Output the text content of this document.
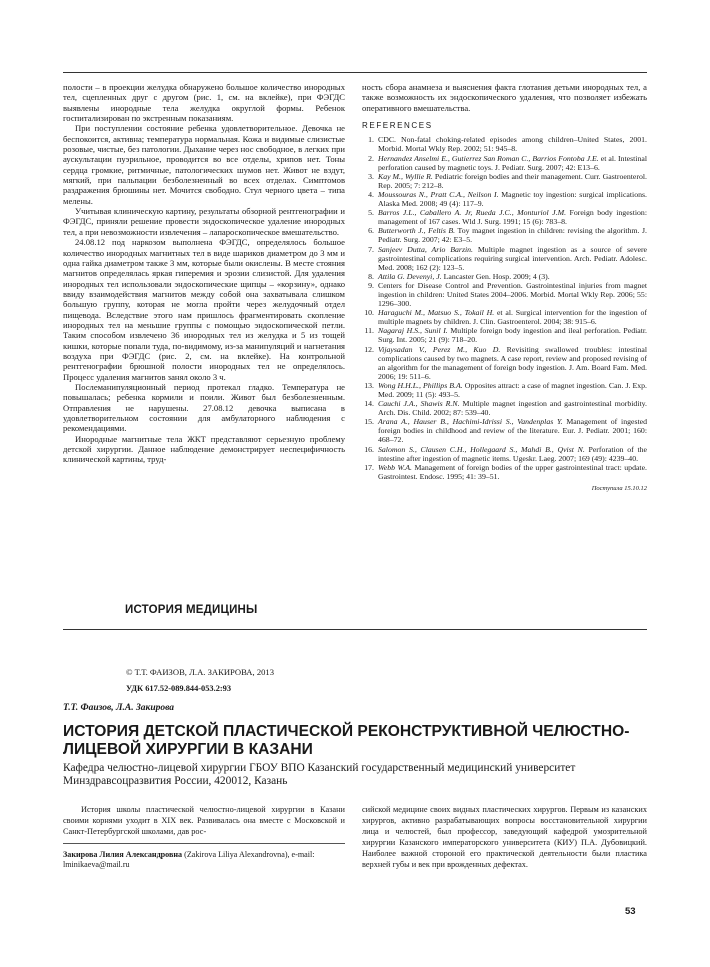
полости – в проекции желудка обнаружено большое количество инородных тел, сцепленных друг с другом (рис. 1, см. на вклейке), при ФЭГДС выявлены инородные тела желудка округлой формы. Ребенок госпитализирован по экстренным показаниям.

При поступлении состояние ребенка удовлетворительное. Девочка не беспокоится, активна; температура нормальная. Кожа и видимые слизистые розовые, чистые, без патологии. Дыхание через нос свободное, в легких при аускультации пуэрильное, проводится во все отделы, хрипов нет. Тоны сердца громкие, ритмичные, патологических шумов нет. Живот не вздут, мягкий, при пальпации безболезненный во всех отделах. Симптомов раздражения брюшины нет. Мочится свободно. Стул черного цвета – типа мелены.

Учитывая клиническую картину, результаты обзорной рентгенографии и ФЭГДС, приняли решение провести эндоскопическое удаление инородных тел, а при невозможности извлечения – лапароскопическое вмешательство.

24.08.12 под наркозом выполнена ФЭГДС, определялось большое количество инородных магнитных тел в виде шариков диаметром до 3 мм и одна гайка диаметром также 3 мм, которые были окислены. В месте стояния магнитов определялась яркая гиперемия и эрозии слизистой. Для удаления инородных тел использовали эндоскопические щипцы – «корзину», однако ввиду взаимодействия магнитов между собой она захватывала слишком большую группу, которая не могла пройти через желудочный отдел пищевода. Вследствие этого нам пришлось фрагментировать скопление инородных тел на меньшие группы с помощью эндоскопической петли. Таким способом извлечено 36 инородных тел из желудка и 5 из тощей кишки, которые попали туда, по-видимому, из-за манипуляций и нагнетания воздуха при ФЭГДС (рис. 2, см. на вклейке). На контрольной рентгенографии брюшной полости инородных тел не определялось. Процесс удаления магнитов занял около 3 ч.

Послеманипуляционный период протекал гладко. Температура не повышалась; ребенка кормили и поили. Живот был безболезненным. Отправления не нарушены. 27.08.12 девочка выписана в удовлетворительном состоянии для амбулаторного наблюдения с рекомендациями.

Инородные магнитные тела ЖКТ представляют серьезную проблему детской хирургии. Данное наблюдение демонстрирует неспецифичность клинической картины, труд-

ность сбора анамнеза и выяснения факта глотания детьми инородных тел, а также возможность их эндоскопического удаления, что позволяет избежать оперативного вмешательства.

REFERENCES
1. CDC. Non-fatal choking-related episodes among children–United States, 2001. Morbid. Mortal Wkly Rep. 2002; 51: 945–8.
2. Hernandez Anselmi E., Gutierrez San Roman C., Barrios Fontoba J.E. et al. Intestinal perforation caused by magnetic toys. J. Pediatr. Surg. 2007; 42: E13–6.
3. Kay M., Wyllie R. Pediatric foreign bodies and their management. Curr. Gastroenterol. Rep. 2005; 7: 212–8.
4. Moussouras N., Pratt C.A., Neilson I. Magnetic toy ingestion: surgical implications. Alaska Med. 2008; 49 (4): 117–9.
5. Barros J.L., Caballero A. Jr, Rueda J.C., Monturiol J.M. Foreign body ingestion: management of 167 cases. Wld J. Surg. 1991; 15 (6): 783–8.
6. Butterworth J., Feltis B. Toy magnet ingestion in children: revising the algorithm. J. Pediatr. Surg. 2007; 42: E3–5.
7. Sanjeev Dutta, Ario Barzin. Multiple magnet ingestion as a source of severe gastrointestinal complications requiring surgical intervention. Arch. Pediatr. Adolesc. Med. 2008; 162 (2): 123–5.
8. Attila G. Devenyi, J. Lancaster Gen. Hosp. 2009; 4 (3).
9. Centers for Disease Control and Prevention. Gastrointestinal injuries from magnet ingestion in children: United States 2004–2006. Morbid. Mortal Wkly Rep. 2006; 55: 1296–300.
10. Haraguchi M., Matsuo S., Tokail H. et al. Surgical intervention for the ingestion of multiple magnets by children. J. Clin. Gastroenterol. 2004; 38: 915–6.
11. Nagaraj H.S., Sunil I. Multiple foreign body ingestion and ileal perforation. Pediatr. Surg. Int. 2005; 21 (9): 718–20.
12. Vijaysadan V., Perez M., Kuo D. Revisiting swallowed troubles: intestinal complications caused by two magnets. A case report, review and proposed revising of an algorithm for the management of foreign body ingestion. J. Am. Board Fam. Med. 2006; 19: 511–6.
13. Wong H.H.L., Phillips B.A. Opposites attract: a case of magnet ingestion. Can. J. Exp. Med. 2009; 11 (5): 493–5.
14. Cauchi J.A., Shawis R.N. Multiple magnet ingestion and gastrointestinal morbidity. Arch. Dis. Child. 2002; 87: 539–40.
15. Arana A., Hauser B., Hachimi-Idrissi S., Vandenplas Y. Management of ingested foreign bodies in childhood and review of the literature. Eur. J. Pediatr. 2001; 160: 468–72.
16. Salomon S., Clausen C.H., Hollegaard S., Mahdi B., Qvist N. Perforation of the intestine after ingestion of magnetic items. Ugeskr. Laeg. 2007; 169 (49): 4239–40.
17. Webb W.A. Management of foreign bodies of the upper gastrointestinal tract: update. Gastrointest. Endosc. 1995; 41: 39–51.
Поступила 15.10.12
ИСТОРИЯ МЕДИЦИНЫ
© Т.Т. ФАИЗОВ, Л.А. ЗАКИРОВА, 2013
УДК 617.52-089.844-053.2:93
Т.Т. Фаизов, Л.А. Закирова
ИСТОРИЯ ДЕТСКОЙ ПЛАСТИЧЕСКОЙ РЕКОНСТРУКТИВНОЙ ЧЕЛЮСТНО-ЛИЦЕВОЙ ХИРУРГИИ В КАЗАНИ
Кафедра челюстно-лицевой хирургии ГБОУ ВПО Казанский государственный медицинский университет Минздравсоцразвития России, 420012, Казань

История школы пластической челюстно-лицевой хирургии в Казани своими корнями уходит в XIX век. Развивалась она вместе с Московской и Санкт-Петербургской школами, дав рос-

сийской медицине своих видных пластических хирургов. Первым из казанских хирургов, активно разрабатывающих вопросы восстановительной хирургии лица и челюстей, был профессор, заведующий кафедрой умозрительной хирургии Казанского императорского университета (КИУ) П.А. Дубовицкий. Наиболее важной стороной его практической деятельности были пластика верхней губы и век при врожденных дефектах.

Закирова Лилия Александровна (Zakirova Liliya Alexandrovna), e-mail: lminikaeva@mail.ru
53
